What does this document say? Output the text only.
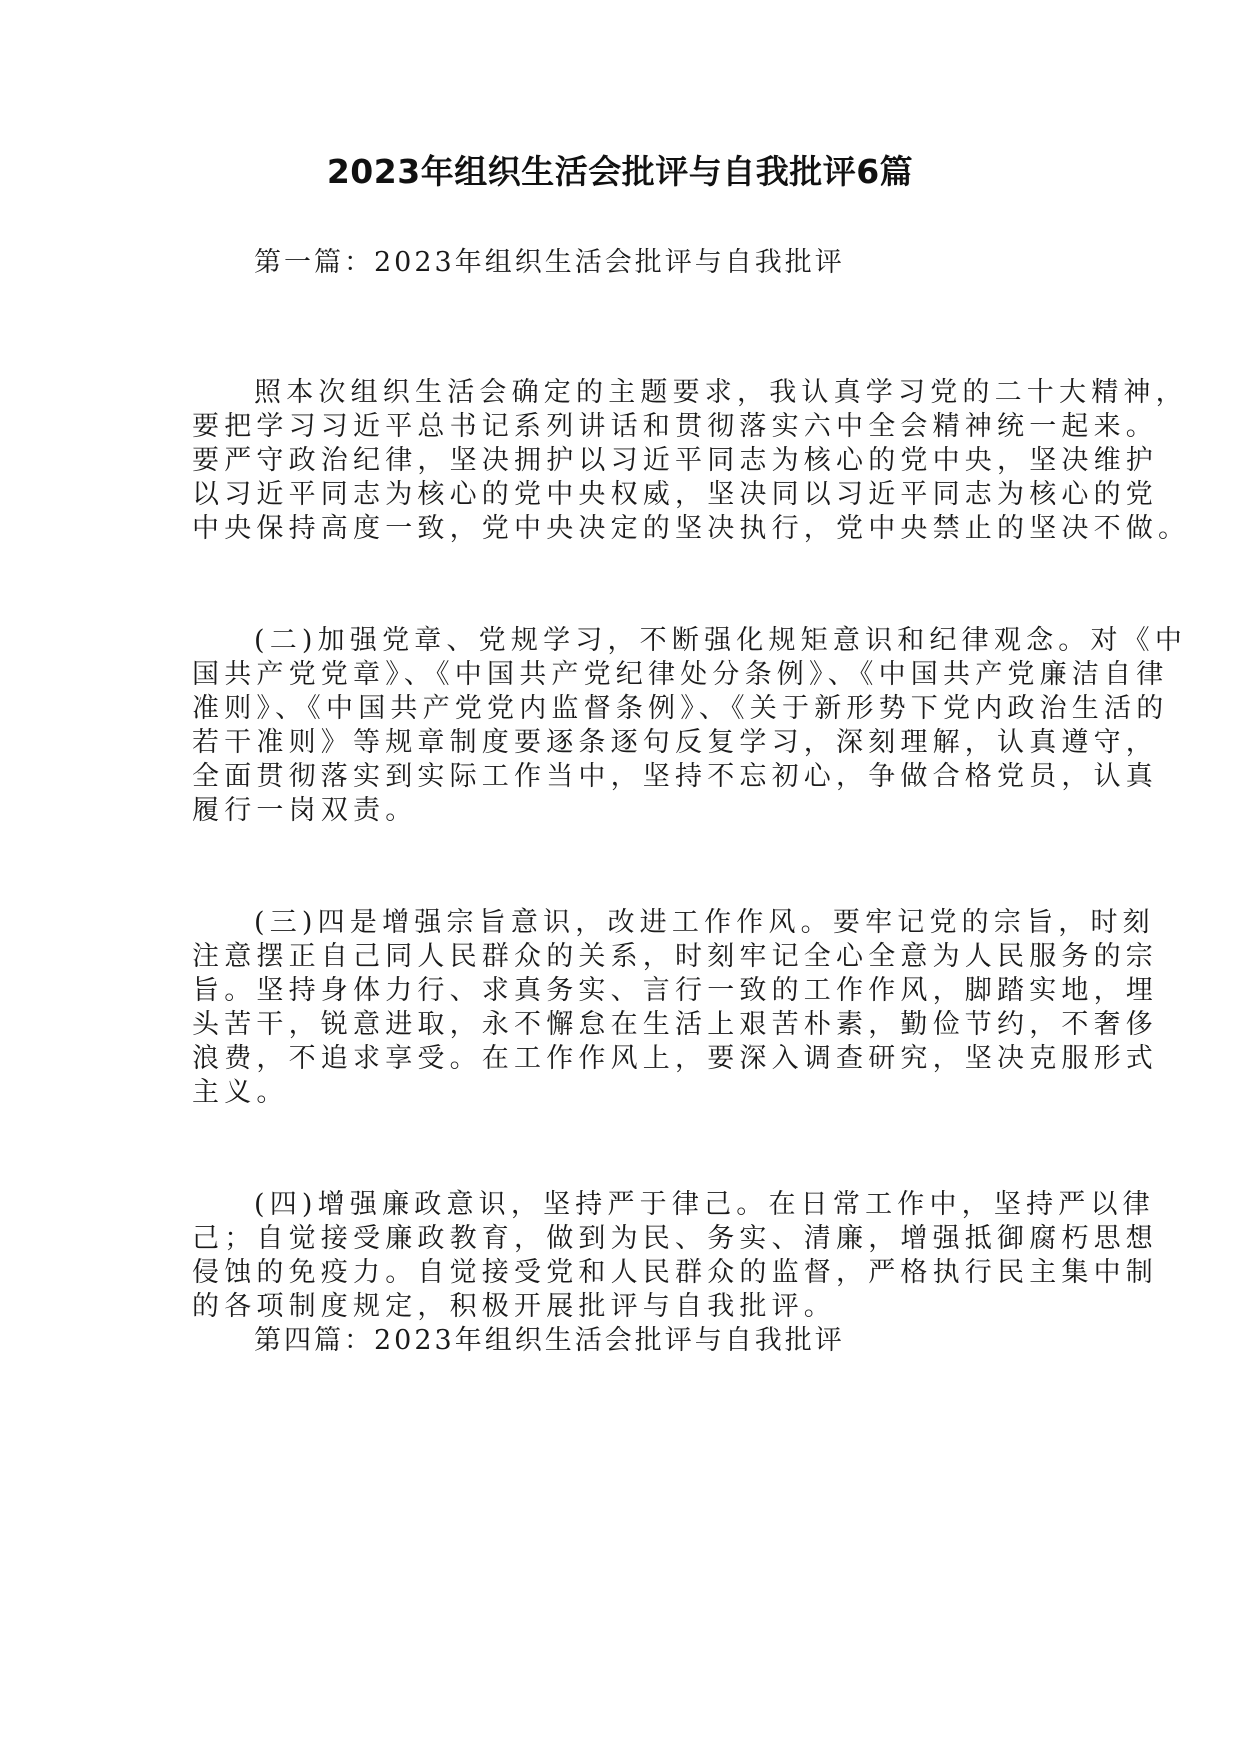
2023年组织生活会批评与自我批评6篇
第一篇：2023年组织生活会批评与自我批评
照本次组织生活会确定的主题要求，我认真学习党的二十大精神，
要把学习习近平总书记系列讲话和贯彻落实六中全会精神统一起来。
要严守政治纪律，坚决拥护以习近平同志为核心的党中央，坚决维护
以习近平同志为核心的党中央权威，坚决同以习近平同志为核心的党
中央保持高度一致，党中央决定的坚决执行，党中央禁止的坚决不做。
(二)加强党章、党规学习，不断强化规矩意识和纪律观念。对《中
国共产党党章》、《中国共产党纪律处分条例》、《中国共产党廉洁自律
准则》、《中国共产党党内监督条例》、《关于新形势下党内政治生活的
若干准则》等规章制度要逐条逐句反复学习，深刻理解，认真遵守，
全面贯彻落实到实际工作当中，坚持不忘初心，争做合格党员，认真
履行一岗双责。
(三)四是增强宗旨意识，改进工作作风。要牢记党的宗旨，时刻
注意摆正自己同人民群众的关系，时刻牢记全心全意为人民服务的宗
旨。坚持身体力行、求真务实、言行一致的工作作风，脚踏实地，埋
头苦干，锐意进取，永不懈怠在生活上艰苦朴素，勤俭节约，不奢侈
浪费，不追求享受。在工作作风上，要深入调查研究，坚决克服形式
主义。
(四)增强廉政意识，坚持严于律己。在日常工作中，坚持严以律
己；自觉接受廉政教育，做到为民、务实、清廉，增强抵御腐朽思想
侵蚀的免疫力。自觉接受党和人民群众的监督，严格执行民主集中制
的各项制度规定，积极开展批评与自我批评。
第四篇：2023年组织生活会批评与自我批评
